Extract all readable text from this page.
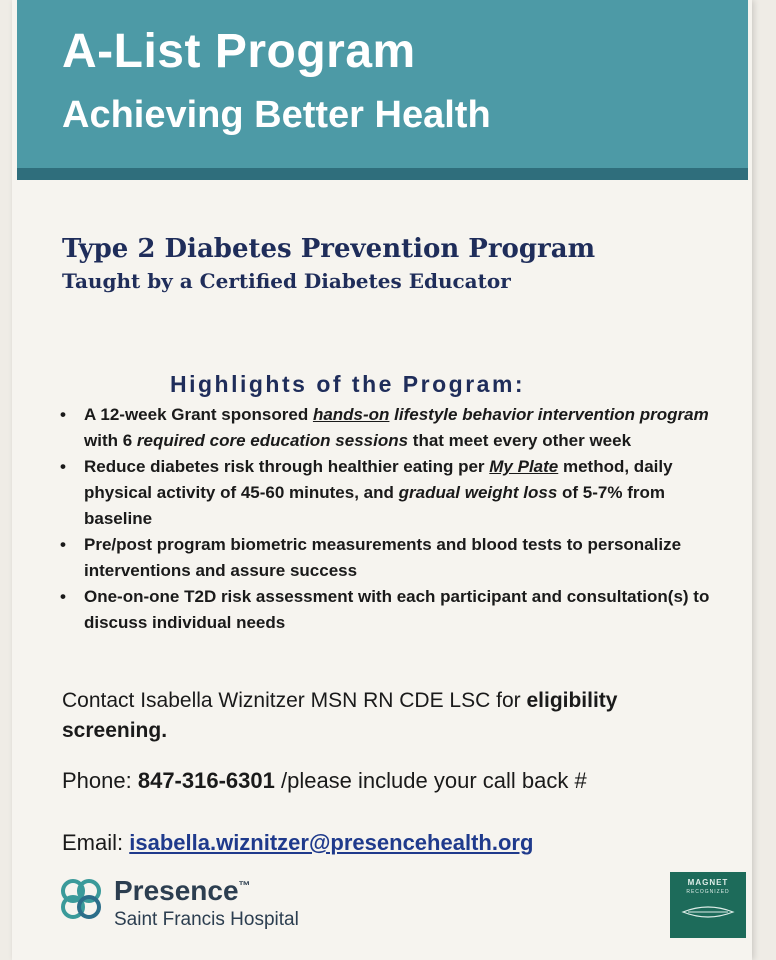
A-List Program
Achieving Better Health
Type 2 Diabetes Prevention Program
Taught by a Certified Diabetes Educator
Highlights of the Program:
• A 12-week Grant sponsored hands-on lifestyle behavior intervention program with 6 required core education sessions that meet every other week
• Reduce diabetes risk through healthier eating per My Plate method, daily physical activity of 45-60 minutes, and gradual weight loss of 5-7% from baseline
• Pre/post program biometric measurements and blood tests to personalize interventions and assure success
• One-on-one T2D risk assessment with each participant and consultation(s) to discuss individual needs
Contact Isabella Wiznitzer MSN RN CDE LSC for eligibility screening.
Phone: 847-316-6301 /please include your call back #
Email: isabella.wiznitzer@presencehealth.org
Presence™
Saint Francis Hospital
MAGNET
RECOGNIZED
